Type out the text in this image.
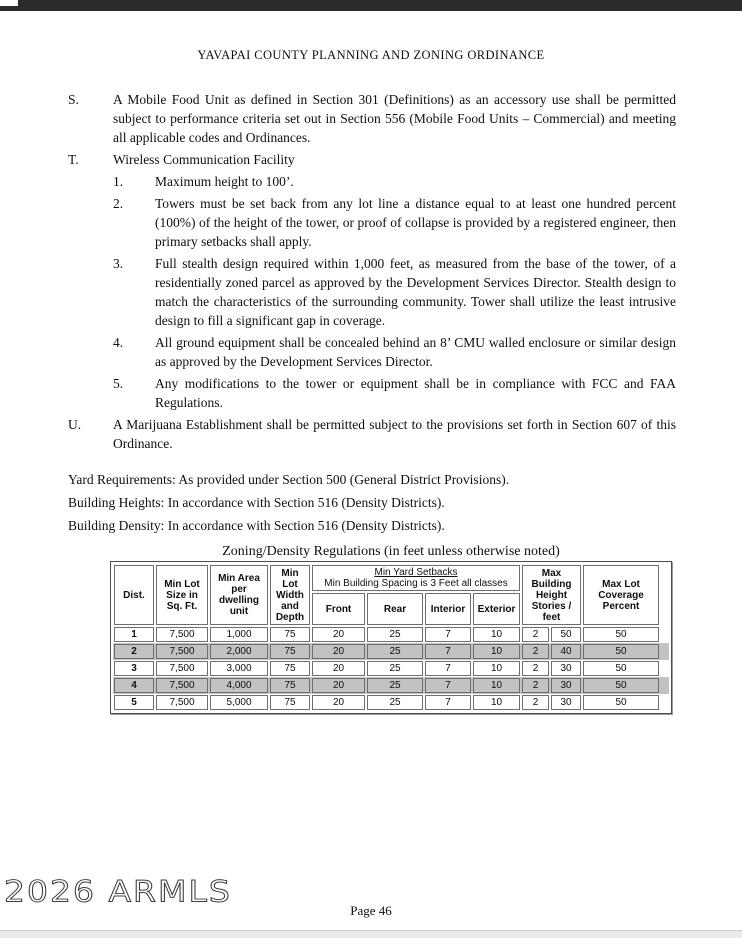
YAVAPAI COUNTY PLANNING AND ZONING ORDINANCE
S.	A Mobile Food Unit as defined in Section 301 (Definitions) as an accessory use shall be permitted subject to performance criteria set out in Section 556 (Mobile Food Units – Commercial) and meeting all applicable codes and Ordinances.
T.	Wireless Communication Facility
1.	Maximum height to 100’.
2.	Towers must be set back from any lot line a distance equal to at least one hundred percent (100%) of the height of the tower, or proof of collapse is provided by a registered engineer, then primary setbacks shall apply.
3.	Full stealth design required within 1,000 feet, as measured from the base of the tower, of a residentially zoned parcel as approved by the Development Services Director. Stealth design to match the characteristics of the surrounding community. Tower shall utilize the least intrusive design to fill a significant gap in coverage.
4.	All ground equipment shall be concealed behind an 8’ CMU walled enclosure or similar design as approved by the Development Services Director.
5.	Any modifications to the tower or equipment shall be in compliance with FCC and FAA Regulations.
U.	A Marijuana Establishment shall be permitted subject to the provisions set forth in Section 607 of this Ordinance.
Yard Requirements: As provided under Section 500 (General District Provisions).
Building Heights: In accordance with Section 516 (Density Districts).
Building Density: In accordance with Section 516 (Density Districts).
Zoning/Density Regulations (in feet unless otherwise noted)
Dist.
Min Lot Size in Sq. Ft.
Min Area per dwelling unit
Min Lot Width and Depth
Min Yard Setbacks
Min Building Spacing is 3 Feet all classes
Front	Rear	Interior	Exterior
Max Building Height Stories / feet
Max Lot Coverage Percent
1	7,500	1,000	75	20	25	7	10	2	50	50
2	7,500	2,000	75	20	25	7	10	2	40	50
3	7,500	3,000	75	20	25	7	10	2	30	50
4	7,500	4,000	75	20	25	7	10	2	30	50
5	7,500	5,000	75	20	25	7	10	2	30	50
2026 ARMLS
Page 46
